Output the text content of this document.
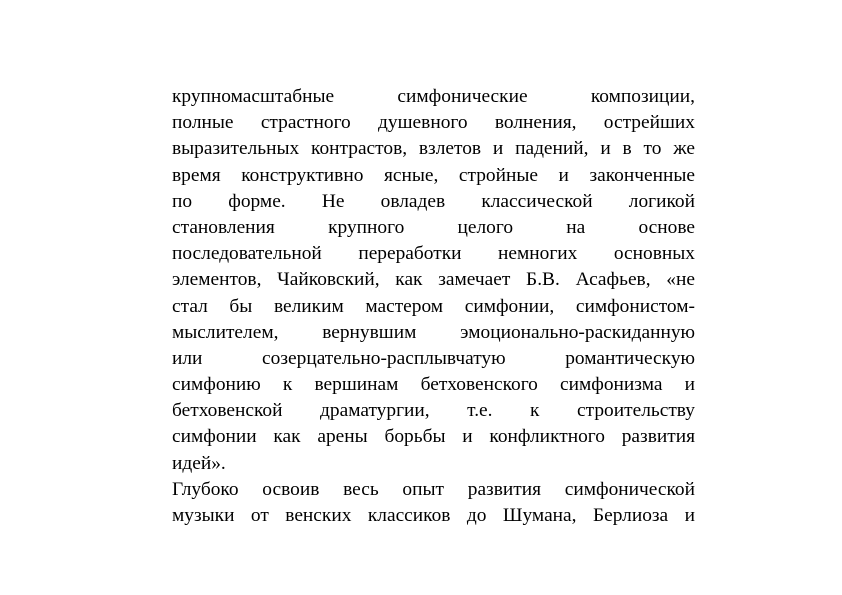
крупномасштабные симфонические композиции,
полные страстного душевного волнения, острейших
выразительных контрастов, взлетов и падений, и в то же
время конструктивно ясные, стройные и законченные
по форме. Не овладев классической логикой
становления крупного целого на основе
последовательной переработки немногих основных
элементов, Чайковский, как замечает Б.В. Асафьев, «не
стал бы великим мастером симфонии, симфонистом-
мыслителем, вернувшим эмоционально-раскиданную
или созерцательно-расплывчатую романтическую
симфонию к вершинам бетховенского симфонизма и
бетховенской драматургии, т.е. к строительству
симфонии как арены борьбы и конфликтного развития
идей».
Глубоко освоив весь опыт развития симфонической
музыки от венских классиков до Шумана, Берлиоза и
